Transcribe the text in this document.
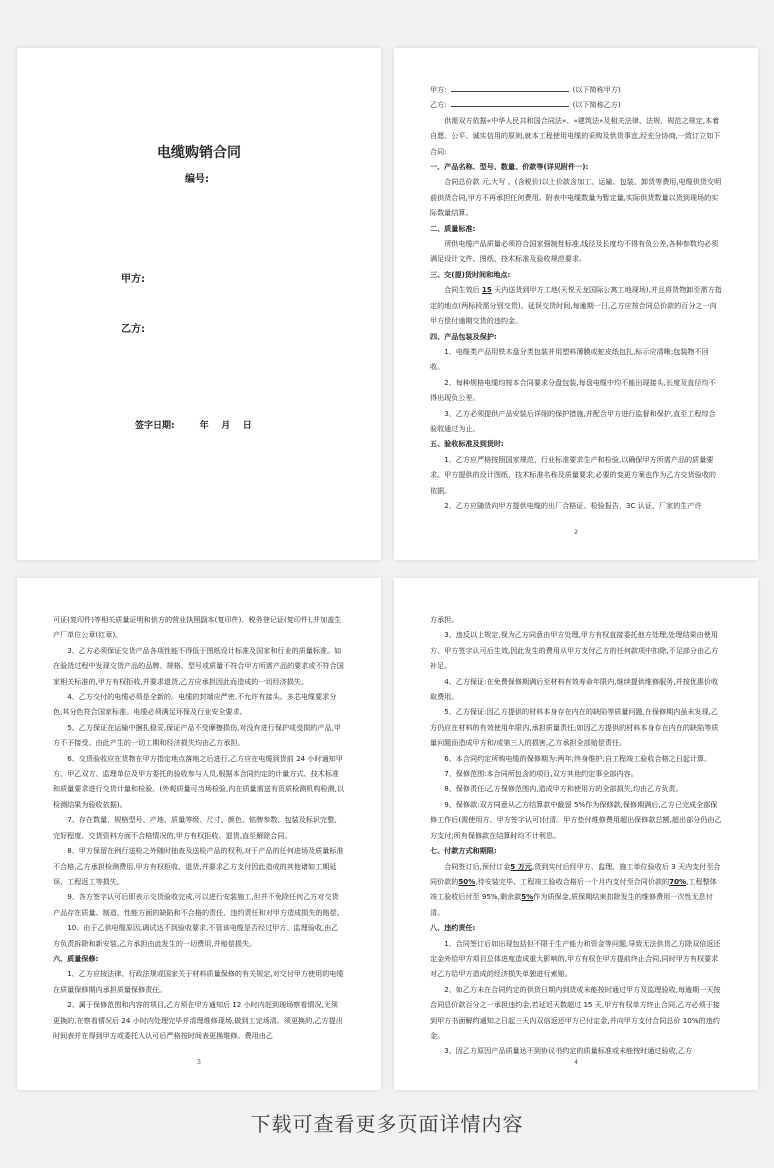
电缆购销合同
编号:
甲方:
乙方:
签字日期:        年    月    日

甲方:	(以下简称甲方)

乙方:	(以下简称乙方)

供需双方依据«中华人民共和国合同法»、«建筑法»及相关法律、法规、规范之规定,本着自愿、公平、诚实信用的原则,就本工程使用电缆的采购及供货事宜,经充分协商,一致订立如下合同:

一、产品名称、型号、数量、价款等(详见附件一):

合同总价款 元,大写 。(含税价)以上价款含加工、运输、包装、卸货等费用,电缆供货交明前供货合同,甲方不再承担任何费用。附表中电缆数量为暂定量,实际供货数量以货到现场的实际数量结算。

二、质量标准:

所供电缆产品质量必须符合国家强制性标准,线径及长度均不得有负公差,各种参数均必须满足设计文件、图纸、技术标准及验收规范要求。

三、交(提)货时间和地点:

合同生效后 15 天内送货到甲方工地(天悦天龙国际公寓工地现场),并且将货物卸至需方指定的地点(两标段需分别交货)。延误交货时间,每逾期一日,乙方应按合同总价款的百分之一向甲方偿付逾期交货的违约金。

四、产品包装及保护:

1、电缆类产品用铁木盘分类包装并用塑料薄膜或蛇皮纸包扎,标示应清晰;包装物不回收。

2、每种规格电缆均按本合同要求分盘包装,每盘电缆中均不能出现接头,长度及直径均不得出现负公差。

3、乙方必须提供产品安装后详细的保护措施,并配合甲方进行监督和保护,直至工程综合验收通过为止。

五、验收标准及到货时:

1、乙方应严格按照国家规范、行业标准要求生产和检验,以确保甲方所需产品的质量要求。甲方提供的设计图纸、技术标准名称及质量要求,必要的变更方案也作为乙方交货验收的依据。

2、乙方应随货向甲方提供电缆的出厂合格证、检验报告、3C 认证、厂家的生产许

2

可证(复印件)等相关质量证明和供方的营业执照副本(复印件)、税务登记证(复印件),并加盖生产厂单位公章(红章)。

3、乙方必须保证交货产品各项性能不得低于图纸设计标准及国家和行业的质量标准。如在验货过程中发现交货产品的品牌、规格、型号或质量不符合甲方所需产品的要求或不符合国家相关标准的,甲方有权拒收,并要求退货,乙方应承担因此而造成的一切经济损失。

4、乙方交付的电缆必须是全新的。电缆的封端应严密,不允许有接头。多芯电缆要求分色,其分色符合国家标准。电缆必须满足环保及行业安全要求。

5、乙方保证在运输中捆扎稳妥,保证产品不受摩擦损伤,对没有进行保护或受损的产品,甲方不予接受。由此产生的一切工期和经济损失均由乙方承担。

6、交货验收应在货物在甲方指定地点落地之后进行,乙方应在电缆到货前 24 小时通知甲方。甲乙双方、监理单位及甲方委托的验收参与人员,根据本合同约定的计量方式、技术标准和质量要求进行交货计量和检验。(外观质量可当场检验,内在质量需送有资质检测机构检测,以检测结果为验收依据)。

7、存在数量、规格型号、产地、质量等级、尺寸、颜色、铭牌参数、包装及标识完整、完好程度、交货资料方面不合格情况的,甲方有权拒收、退货,直至解除合同。

8、甲方保留在例行送检之外随时抽查及送检产品的权利,对于产品的任何进场及质量标准不合格,乙方承担检测费用,甲方有权拒收、退货,并要求乙方支付因此造成的其他诸如工期延误、工程返工等损失。

9、各方签字认可后即表示交货验收完成,可以进行安装施工,但并不免除任何乙方对交货产品存在质量、制造、性能方面的缺陷和不合格的责任、违约责任和对甲方造成损失的赔偿。

10、由于乙供电缆原因,调试达不到验收要求,不管该电缆是否经过甲方、监理验收,由乙方负责拆除和新安装,乙方承担由此发生的一切费用,并赔偿损失。

六、质量保修:

1、乙方应按法律、行政法规或国家关于材料质量保修的有关规定,对交付甲方使用的电缆在质量保修期内承担质量保修责任。

2、属于保修范围和内容的项目,乙方须在甲方通知后 12 小时内赶到现场察看情况,无须更换的,在察看情况后 24 小时内处理完毕并清理维修现场,做到工完场清。须更换的,乙方提出时间表并在得到甲方或委托人认可后严格按时间表更换维修。费用由乙

3

方承担。

3、违反以上规定,视为乙方同意由甲方处理,甲方有权直接委托他方处理,处理结果由使用方、甲方签字认可后生效,因此发生的费用从甲方支付乙方的任何款项中扣除,不足部分由乙方补足。

4、乙方保证:在免费保修期满后至材料有效寿命年限内,继续提供维修服务,并按优惠价收取费用。

5、乙方保证:因乙方提供的材料本身存在内在的缺陷等质量问题,在保修期内虽未发现,乙方仍应在材料的有效使用年限内,承担质量责任;如因乙方提供的材料本身存在内在的缺陷等质量问题而造成甲方和/或第三人的损害,乙方承担全部赔偿责任。

6、本合同约定所购电缆的保修期为:两年;终身维护;自工程竣工验收合格之日起计算。

7、保修范围:本合同所包含的项目,双方其他约定事全部内容。

8、保修责任:乙方保修范围内,造成甲方和使用方的全部损失,均由乙方负责。

9、保修款:双方同意从乙方结算款中截留 5%作为保修款,保修期满后,乙方已完成全部保修工作后(需使用方、甲方签字认可)付清。甲方垫付维修费用超出保修款总额,超出部分仍由乙方支付;所有保修款在结算时均不计利息。

七、付款方式和期限:

合同签订后,预付订金5 万元,货到实付后经甲方、监理、施工单位验收后 3 天内支付至合同价款的50%,待安装完毕、工程竣工验收合格后一个月内支付至合同价款的70%,工程整体竣工验收后付至 95%,剩余款5%作为质保金,质保期结束扣除发生的维修费用一次性无息付清。

八、违约责任:

1、合同签订后如出现包括但不限于生产能力和资金等问题,导致无法供货乙方除双倍返还定金外给甲方项目总体进度造成重大影响的,甲方有权在甲方提前终止合同,同时甲方有权要求对乙方给甲方造成的经济损失单独进行索赔。

2、如乙方未在合同约定的供货日期内到货或未能按时通过甲方及监理验收,每逾期一天按合同总价款百分之一承担违约金,若延迟天数超过 15 天,甲方有权单方终止合同,乙方必须于接到甲方书面解约通知之日起三天内双倍返还甲方已付定金,并向甲方支付合同总价 10%的违约金。

3、因乙方原因产品质量达不到协议书约定的质量标准或未能按时通过验收,乙方

4
下载可查看更多页面详情内容
